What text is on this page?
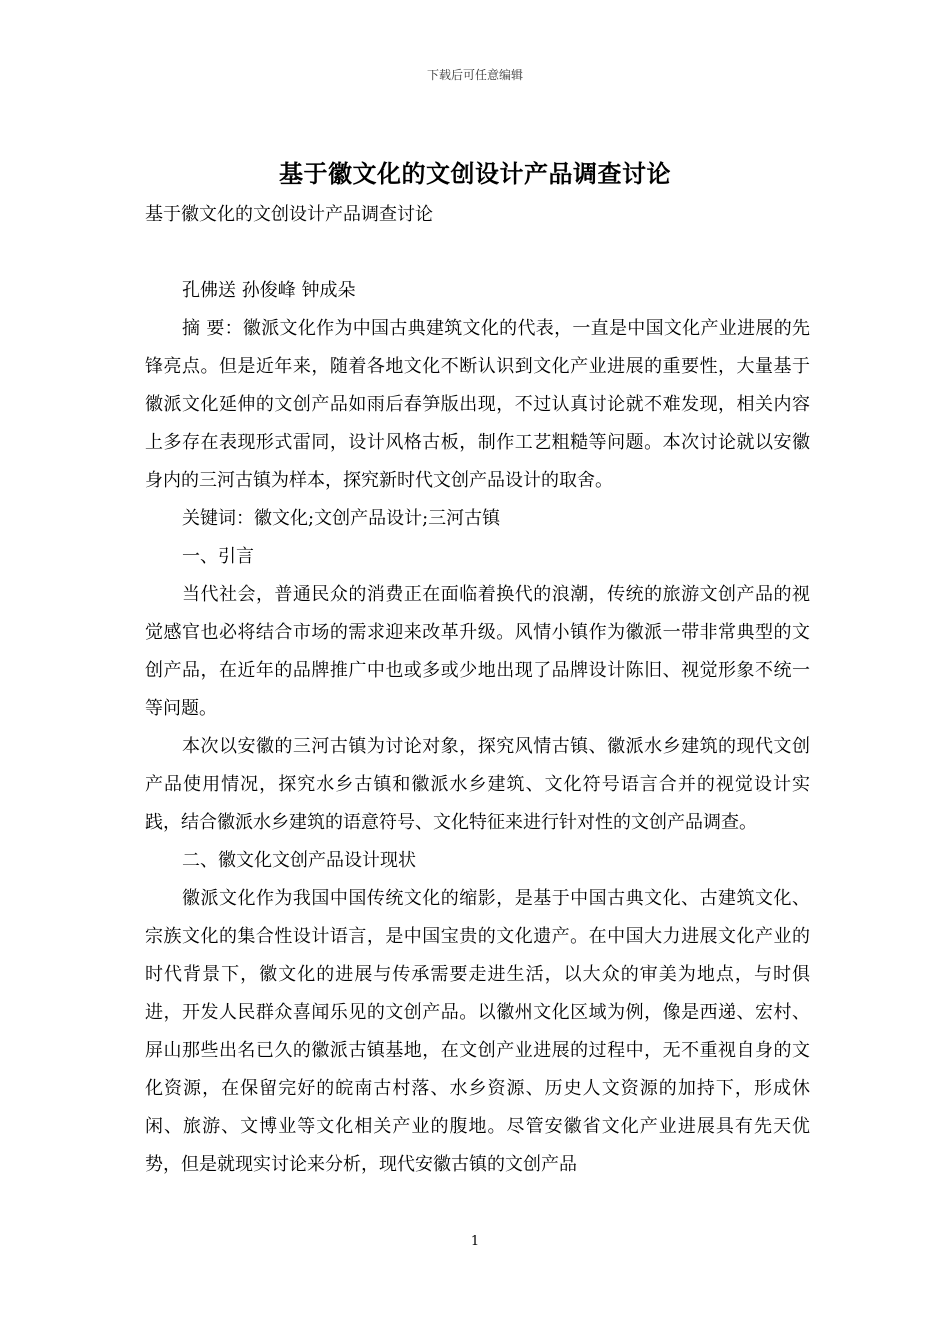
下载后可任意编辑
基于徽文化的文创设计产品调查讨论
基于徽文化的文创设计产品调查讨论

孔佛送 孙俊峰 钟成朵

摘 要：徽派文化作为中国古典建筑文化的代表，一直是中国文化产业进展的先锋亮点。但是近年来，随着各地文化不断认识到文化产业进展的重要性，大量基于徽派文化延伸的文创产品如雨后春笋版出现，不过认真讨论就不难发现，相关内容上多存在表现形式雷同，设计风格古板，制作工艺粗糙等问题。本次讨论就以安徽身内的三河古镇为样本，探究新时代文创产品设计的取舍。

关键词：徽文化;文创产品设计;三河古镇

一、引言

当代社会，普通民众的消费正在面临着换代的浪潮，传统的旅游文创产品的视觉感官也必将结合市场的需求迎来改革升级。风情小镇作为徽派一带非常典型的文创产品，在近年的品牌推广中也或多或少地出现了品牌设计陈旧、视觉形象不统一等问题。

本次以安徽的三河古镇为讨论对象，探究风情古镇、徽派水乡建筑的现代文创产品使用情况，探究水乡古镇和徽派水乡建筑、文化符号语言合并的视觉设计实践，结合徽派水乡建筑的语意符号、文化特征来进行针对性的文创产品调查。

二、徽文化文创产品设计现状

徽派文化作为我国中国传统文化的缩影，是基于中国古典文化、古建筑文化、宗族文化的集合性设计语言，是中国宝贵的文化遗产。在中国大力进展文化产业的时代背景下，徽文化的进展与传承需要走进生活，以大众的审美为地点，与时俱进，开发人民群众喜闻乐见的文创产品。以徽州文化区域为例，像是西递、宏村、屏山那些出名已久的徽派古镇基地，在文创产业进展的过程中，无不重视自身的文化资源，在保留完好的皖南古村落、水乡资源、历史人文资源的加持下，形成休闲、旅游、文博业等文化相关产业的腹地。尽管安徽省文化产业进展具有先天优势，但是就现实讨论来分析，现代安徽古镇的文创产品

1
